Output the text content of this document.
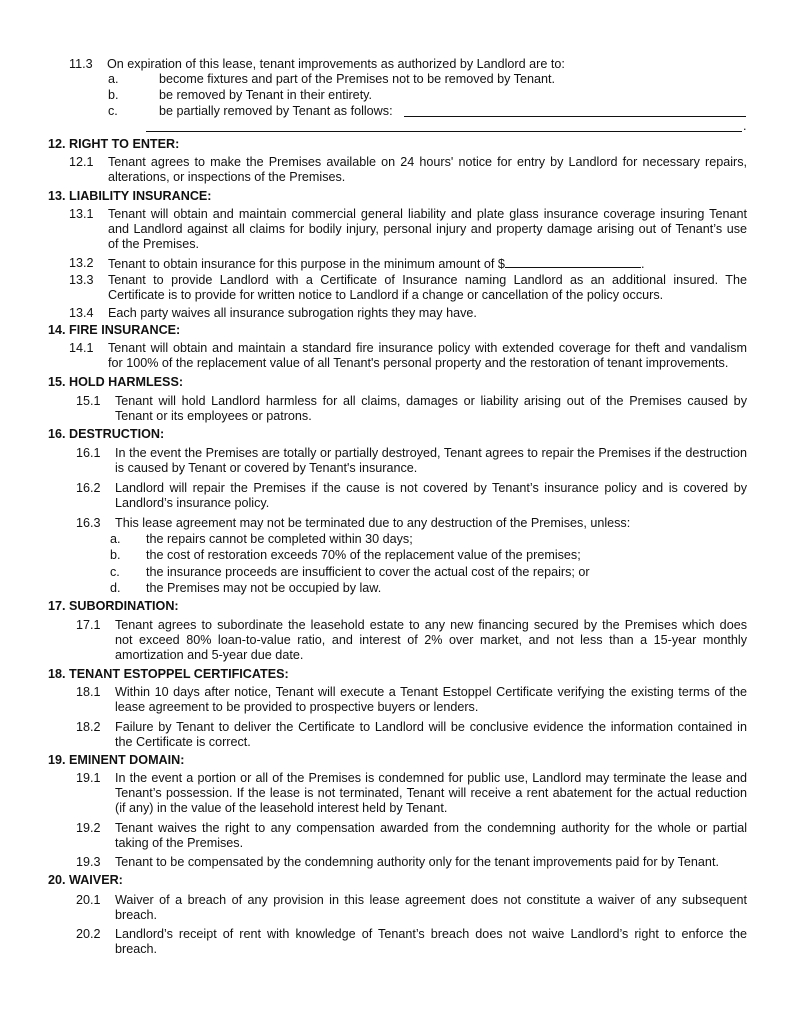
11.3 On expiration of this lease, tenant improvements as authorized by Landlord are to:
a.	become fixtures and part of the Premises not to be removed by Tenant.
b.	be removed by Tenant in their entirety.
c.	be partially removed by Tenant as follows:
.
12. RIGHT TO ENTER:
12.1 Tenant agrees to make the Premises available on 24 hours' notice for entry by Landlord for necessary repairs,
alterations, or inspections of the Premises.
13. LIABILITY INSURANCE:
13.1 Tenant will obtain and maintain commercial general liability and plate glass insurance coverage insuring Tenant
and Landlord against all claims for bodily injury, personal injury and property damage arising out of Tenant’s use
of the Premises.
13.2 Tenant to obtain insurance for this purpose in the minimum amount of $	.
13.3 Tenant to provide Landlord with a Certificate of Insurance naming Landlord as an additional insured. The
Certificate is to provide for written notice to Landlord if a change or cancellation of the policy occurs.
13.4 Each party waives all insurance subrogation rights they may have.
14. FIRE INSURANCE:
14.1 Tenant will obtain and maintain a standard fire insurance policy with extended coverage for theft and vandalism
for 100% of the replacement value of all Tenant's personal property and the restoration of tenant improvements.
15. HOLD HARMLESS:
15.1 Tenant will hold Landlord harmless for all claims, damages or liability arising out of the Premises caused by
Tenant or its employees or patrons.
16. DESTRUCTION:
16.1 In the event the Premises are totally or partially destroyed, Tenant agrees to repair the Premises if the destruction
is caused by Tenant or covered by Tenant's insurance.
16.2 Landlord will repair the Premises if the cause is not covered by Tenant’s insurance policy and is covered by
Landlord’s insurance policy.
16.3 This lease agreement may not be terminated due to any destruction of the Premises, unless:
a. the repairs cannot be completed within 30 days;
b. the cost of restoration exceeds 70% of the replacement value of the premises;
c. the insurance proceeds are insufficient to cover the actual cost of the repairs; or
d. the Premises may not be occupied by law.
17. SUBORDINATION:
17.1 Tenant agrees to subordinate the leasehold estate to any new financing secured by the Premises which does
not exceed 80% loan-to-value ratio, and interest of 2% over market, and not less than a 15-year monthly
amortization and 5-year due date.
18. TENANT ESTOPPEL CERTIFICATES:
18.1 Within 10 days after notice, Tenant will execute a Tenant Estoppel Certificate verifying the existing terms of the
lease agreement to be provided to prospective buyers or lenders.
18.2 Failure by Tenant to deliver the Certificate to Landlord will be conclusive evidence the information contained in
the Certificate is correct.
19. EMINENT DOMAIN:
19.1 In the event a portion or all of the Premises is condemned for public use, Landlord may terminate the lease and
Tenant’s possession. If the lease is not terminated, Tenant will receive a rent abatement for the actual reduction
(if any) in the value of the leasehold interest held by Tenant.
19.2 Tenant waives the right to any compensation awarded from the condemning authority for the whole or partial
taking of the Premises.
19.3 Tenant to be compensated by the condemning authority only for the tenant improvements paid for by Tenant.
20. WAIVER:
20.1 Waiver of a breach of any provision in this lease agreement does not constitute a waiver of any subsequent
breach.
20.2 Landlord’s receipt of rent with knowledge of Tenant’s breach does not waive Landlord’s right to enforce the
breach.
